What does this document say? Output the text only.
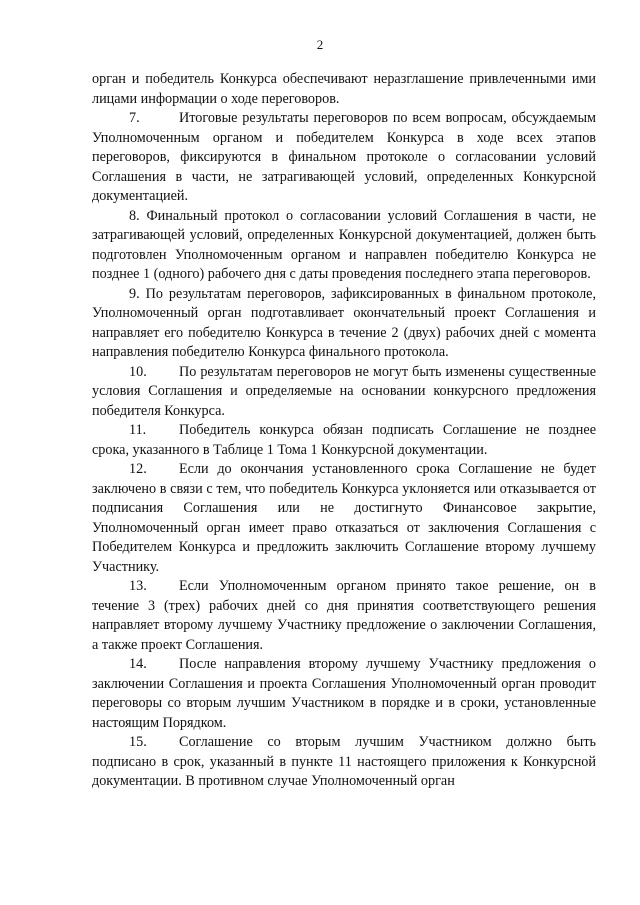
2

орган и победитель Конкурса обеспечивают неразглашение привлеченными ими лицами информации о ходе переговоров.

7.	Итоговые результаты переговоров по всем вопросам, обсуждаемым Уполномоченным органом и победителем Конкурса в ходе всех этапов переговоров, фиксируются в финальном протоколе о согласовании условий Соглашения в части, не затрагивающей условий, определенных Конкурсной документацией.

8. Финальный протокол о согласовании условий Соглашения в части, не затрагивающей условий, определенных Конкурсной документацией, должен быть подготовлен Уполномоченным органом и направлен победителю Конкурса не позднее 1 (одного) рабочего дня с даты проведения последнего этапа переговоров.

9. По результатам переговоров, зафиксированных в финальном протоколе, Уполномоченный орган подготавливает окончательный проект Соглашения и направляет его победителю Конкурса в течение 2 (двух) рабочих дней с момента направления победителю Конкурса финального протокола.

10. По результатам переговоров не могут быть изменены существенные условия Соглашения и определяемые на основании конкурсного предложения победителя Конкурса.

11. Победитель конкурса обязан подписать Соглашение не позднее срока, указанного в Таблице 1 Тома 1 Конкурсной документации.

12. Если до окончания установленного срока Соглашение не будет заключено в связи с тем, что победитель Конкурса уклоняется или отказывается от подписания Соглашения или не достигнуто Финансовое закрытие, Уполномоченный орган имеет право отказаться от заключения Соглашения с Победителем Конкурса и предложить заключить Соглашение второму лучшему Участнику.

13. Если Уполномоченным органом принято такое решение, он в течение 3 (трех) рабочих дней со дня принятия соответствующего решения направляет второму лучшему Участнику предложение о заключении Соглашения, а также проект Соглашения.

14. После направления второму лучшему Участнику предложения о заключении Соглашения и проекта Соглашения Уполномоченный орган проводит переговоры со вторым лучшим Участником в порядке и в сроки, установленные настоящим Порядком.

15. Соглашение со вторым лучшим Участником должно быть подписано в срок, указанный в пункте 11 настоящего приложения к Конкурсной документации. В противном случае Уполномоченный орган
